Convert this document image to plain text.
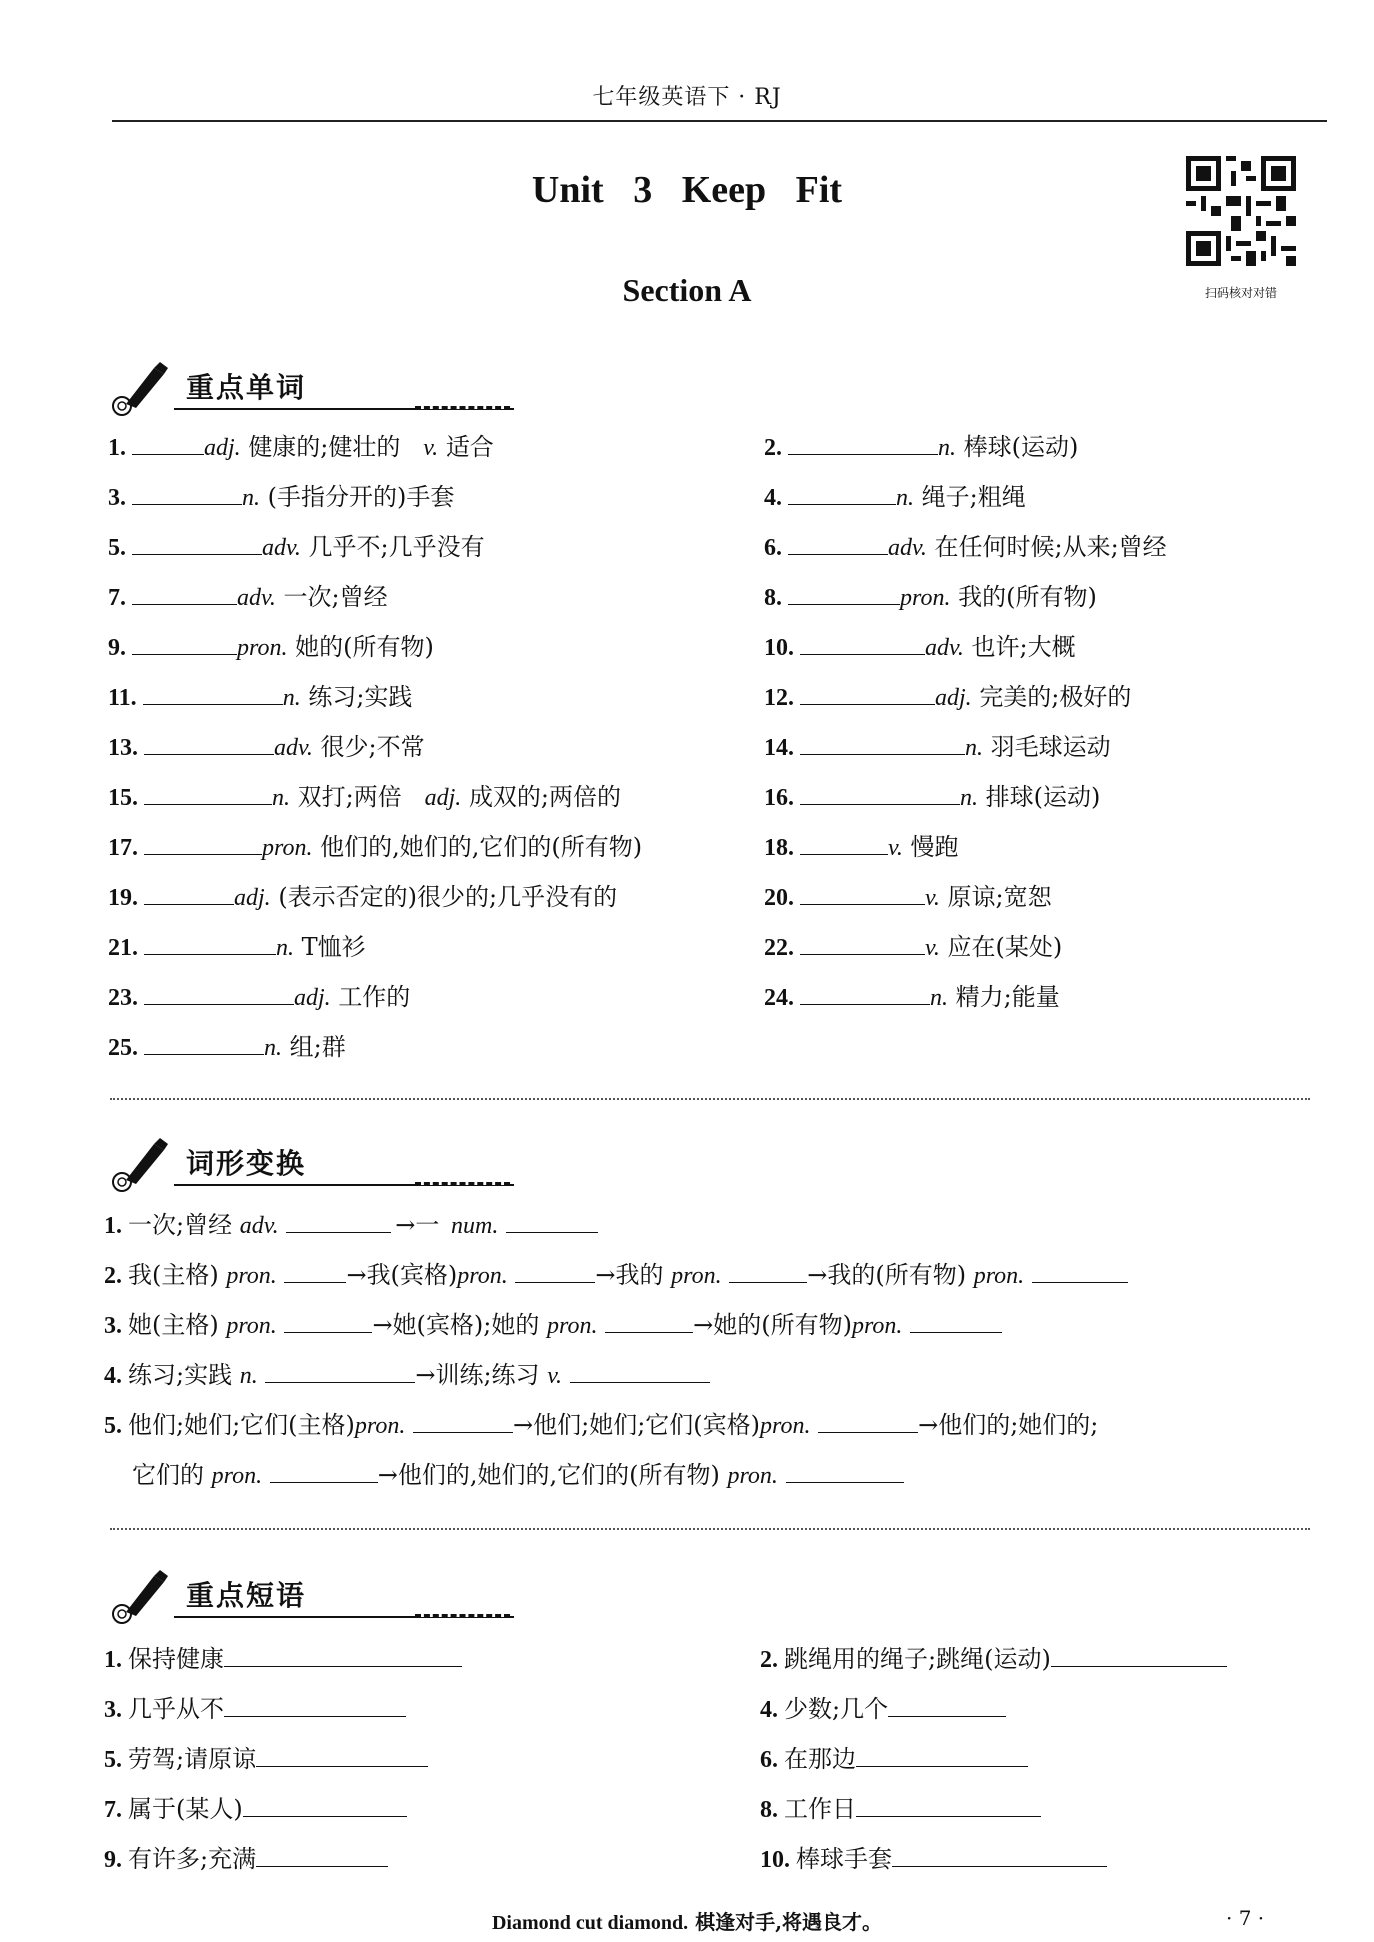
七年级英语下 · RJ
Unit 3 Keep Fit
Section A	扫码核对对错
重点单词
1.	adj. 健康的;健壮的 v. 适合	2.	n. 棒球(运动)
3.	n. (手指分开的)手套	4.	n. 绳子;粗绳
5.	adv. 几乎不;几乎没有	6.	adv. 在任何时候;从来;曾经
7.	adv. 一次;曾经	8.	pron. 我的(所有物)
9.	pron. 她的(所有物)	10.	adv. 也许;大概
11.	n. 练习;实践	12.	adj. 完美的;极好的
13.	adv. 很少;不常	14.	n. 羽毛球运动
15.	n. 双打;两倍 adj. 成双的;两倍的	16.	n. 排球(运动)
17.	pron. 他们的,她们的,它们的(所有物)	18.	v. 慢跑
19.	adj. (表示否定的)很少的;几乎没有的	20.	v. 原谅;宽恕
21.	n. T恤衫	22.	v. 应在(某处)
23.	adj. 工作的	24.	n. 精力;能量
25.	n. 组;群
词形变换
1. 一次;曾经 adv.	→一 num.
2. 我(主格) pron.	→我(宾格)pron.	→我的 pron.	→我的(所有物) pron.
3. 她(主格) pron.	→她(宾格);她的 pron.	→她的(所有物)pron.
4. 练习;实践 n.	→训练;练习 v.
5. 他们;她们;它们(主格)pron.	→他们;她们;它们(宾格)pron.	→他们的;她们的;
它们的 pron.	→他们的,她们的,它们的(所有物) pron.
重点短语
1. 保持健康	2. 跳绳用的绳子;跳绳(运动)
3. 几乎从不	4. 少数;几个
5. 劳驾;请原谅	6. 在那边
7. 属于(某人)	8. 工作日
9. 有许多;充满	10. 棒球手套
Diamond cut diamond. 棋逢对手,将遇良才。	· 7 ·
